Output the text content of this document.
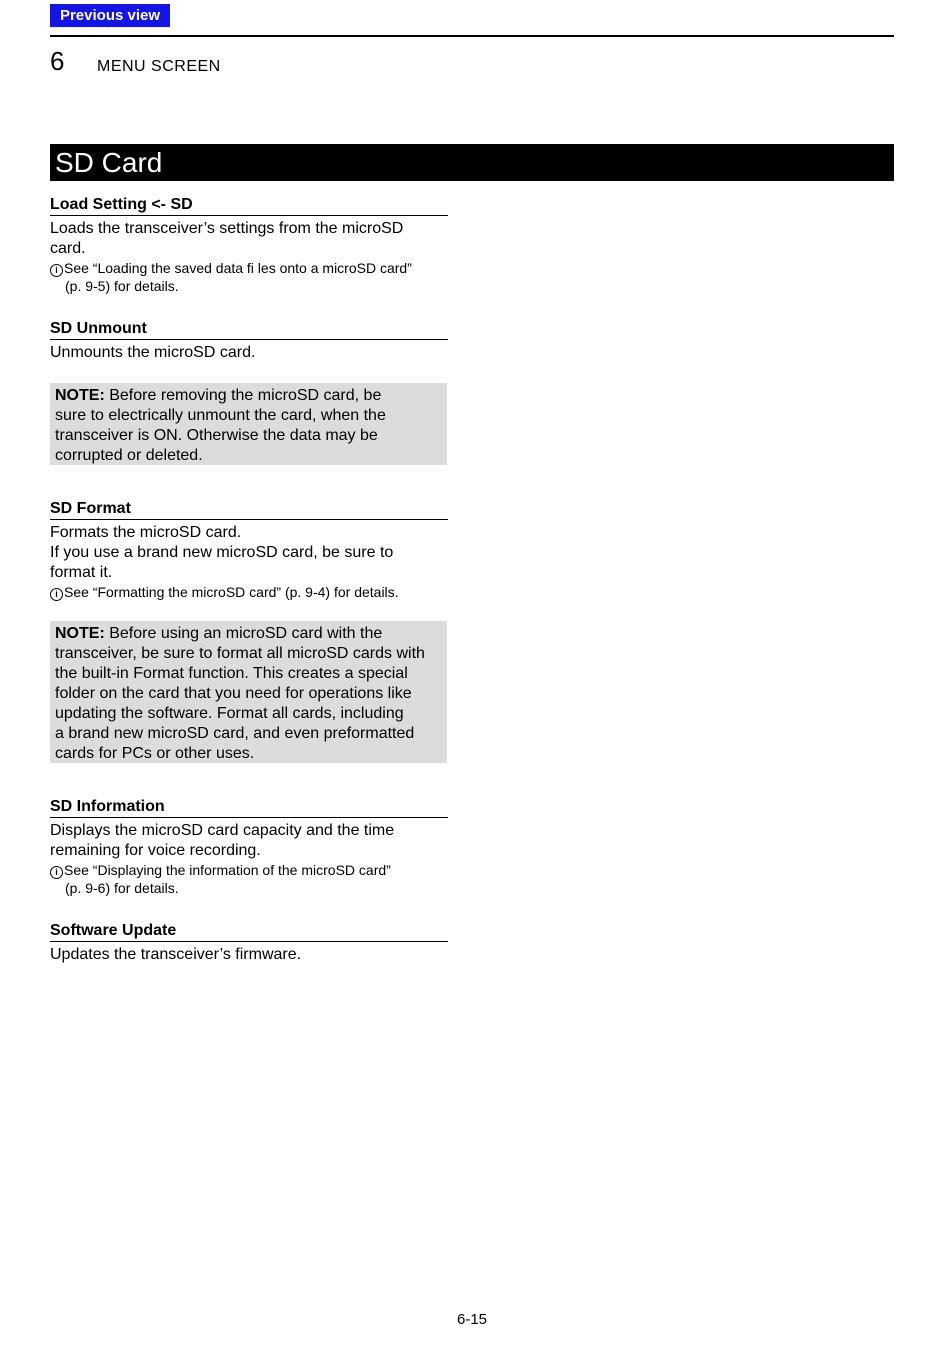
Previous view
6 MENU SCREEN
SD Card
Load Setting <- SD

Loads the transceiver’s settings from the microSD
card.

i See “Loading the saved data fi les onto a microSD card”
(p. 9-5) for details.

SD Unmount

Unmounts the microSD card.

NOTE: Before removing the microSD card, be
sure to electrically unmount the card, when the
transceiver is ON. Otherwise the data may be
corrupted or deleted.
SD Format

Formats the microSD card.
If you use a brand new microSD card, be sure to
format it.

i See “Formatting the microSD card” (p. 9-4) for details.

NOTE: Before using an microSD card with the
transceiver, be sure to format all microSD cards with
the built-in Format function. This creates a special
folder on the card that you need for operations like
updating the software. Format all cards, including
a brand new microSD card, and even preformatted
cards for PCs or other uses.
SD Information

Displays the microSD card capacity and the time
remaining for voice recording.

i See “Displaying the information of the microSD card”
(p. 9-6) for details.

Software Update

Updates the transceiver’s firmware.

6-15
